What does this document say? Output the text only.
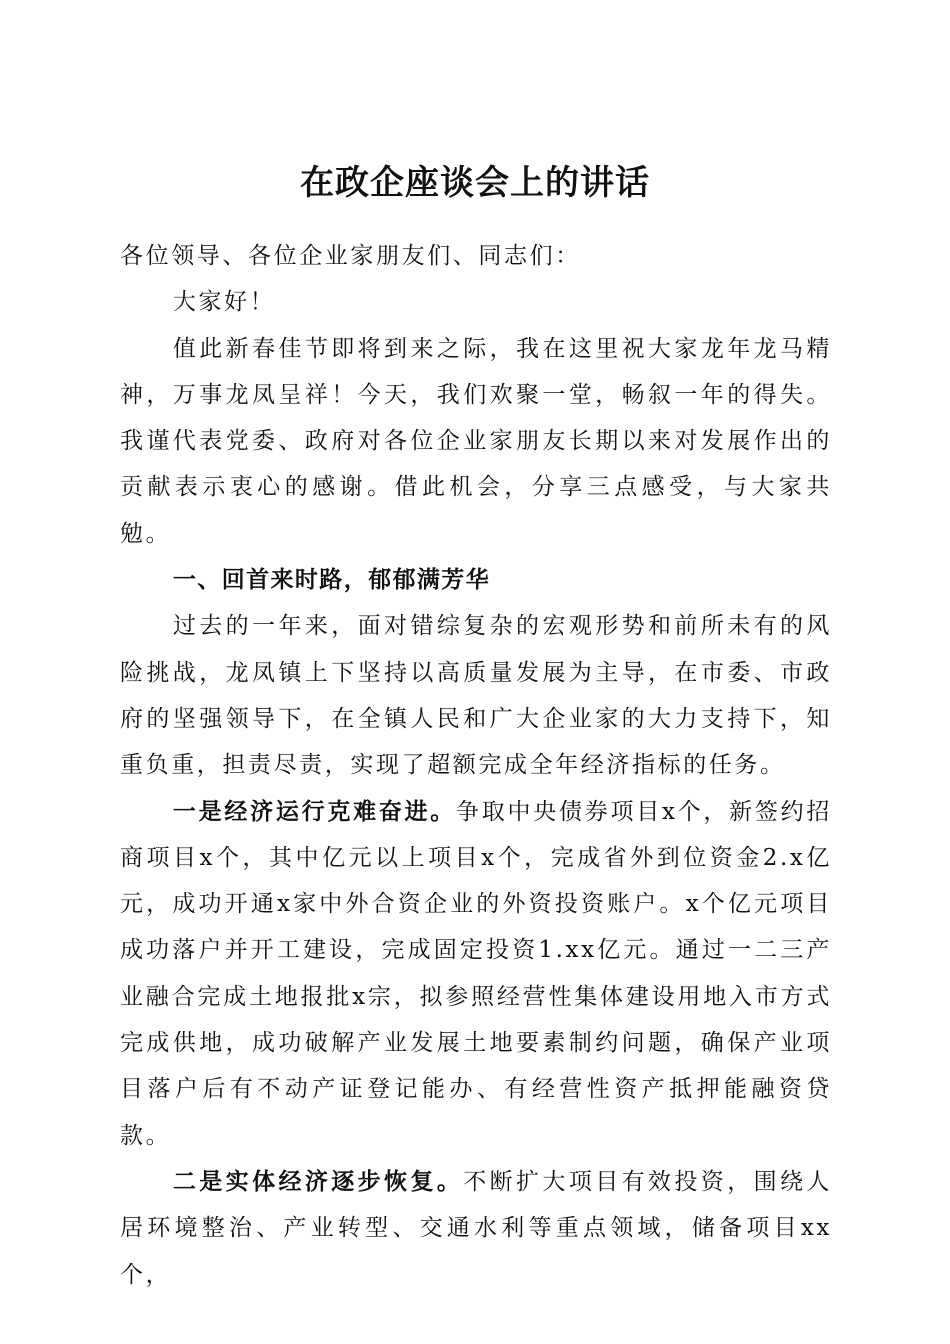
在政企座谈会上的讲话

各位领导、各位企业家朋友们、同志们：

大家好！

值此新春佳节即将到来之际，我在这里祝大家龙年龙马精神，万事龙凤呈祥！今天，我们欢聚一堂，畅叙一年的得失。我谨代表党委、政府对各位企业家朋友长期以来对发展作出的贡献表示衷心的感谢。借此机会，分享三点感受，与大家共勉。

一、回首来时路，郁郁满芳华

过去的一年来，面对错综复杂的宏观形势和前所未有的风险挑战，龙凤镇上下坚持以高质量发展为主导，在市委、市政府的坚强领导下，在全镇人民和广大企业家的大力支持下，知重负重，担责尽责，实现了超额完成全年经济指标的任务。

一是经济运行克难奋进。争取中央债券项目x个，新签约招商项目x个，其中亿元以上项目x个，完成省外到位资金2.x亿元，成功开通x家中外合资企业的外资投资账户。x个亿元项目成功落户并开工建设，完成固定投资1.xx亿元。通过一二三产业融合完成土地报批x宗，拟参照经营性集体建设用地入市方式完成供地，成功破解产业发展土地要素制约问题，确保产业项目落户后有不动产证登记能办、有经营性资产抵押能融资贷款。

二是实体经济逐步恢复。不断扩大项目有效投资，围绕人居环境整治、产业转型、交通水利等重点领域，储备项目xx个，
